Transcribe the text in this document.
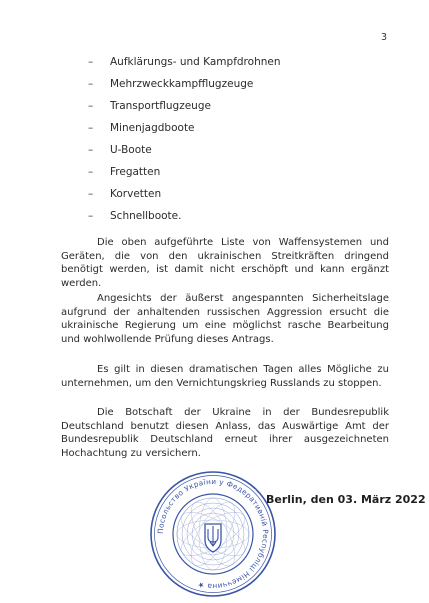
3
–	Aufklärungs- und Kampfdrohnen
–	Mehrzweckkampfflugzeuge
–	Transportflugzeuge
–	Minenjagdboote
–	U-Boote
–	Fregatten
–	Korvetten
–	Schnellboote.

Die oben aufgeführte Liste von Waffensystemen und Geräten, die von den ukrainischen Streitkräften dringend benötigt werden, ist damit nicht erschöpft und kann ergänzt werden.

Angesichts der äußerst angespannten Sicherheitslage aufgrund der anhaltenden russischen Aggression ersucht die ukrainische Regierung um eine möglichst rasche Bearbeitung und wohlwollende Prüfung dieses Antrags.

Es gilt in diesen dramatischen Tagen alles Mögliche zu unternehmen, um den Vernichtungskrieg Russlands zu stoppen.

Die Botschaft der Ukraine in der Bundesrepublik Deutschland benutzt diesen Anlass, das Auswärtige Amt der Bundesrepublik Deutschland erneut ihrer ausgezeichneten Hochachtung zu versichern.

Посольство України у Федеративній Республіці Німеччина ★
Berlin, den 03. März 2022
